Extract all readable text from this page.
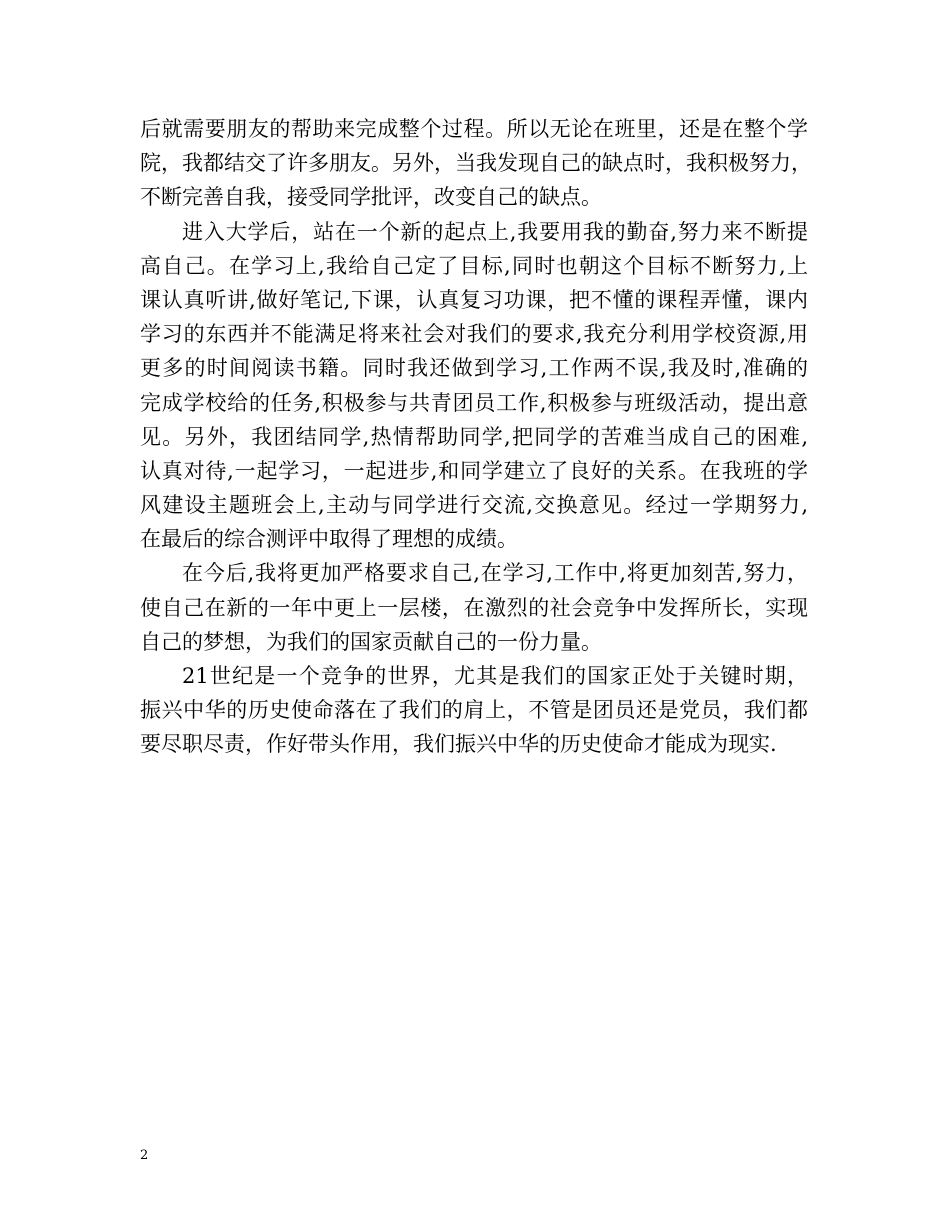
后就需要朋友的帮助来完成整个过程。所以无论在班里，还是在整个学
院，我都结交了许多朋友。另外，当我发现自己的缺点时，我积极努力，
不断完善自我，接受同学批评，改变自己的缺点。
进入大学后，站在一个新的起点上,我要用我的勤奋,努力来不断提
高自己。在学习上,我给自己定了目标,同时也朝这个目标不断努力,上
课认真听讲,做好笔记,下课，认真复习功课，把不懂的课程弄懂，课内
学习的东西并不能满足将来社会对我们的要求,我充分利用学校资源,用
更多的时间阅读书籍。同时我还做到学习,工作两不误,我及时,准确的
完成学校给的任务,积极参与共青团员工作,积极参与班级活动，提出意
见。另外，我团结同学,热情帮助同学,把同学的苦难当成自己的困难,
认真对待,一起学习，一起进步,和同学建立了良好的关系。在我班的学
风建设主题班会上,主动与同学进行交流,交换意见。经过一学期努力,
在最后的综合测评中取得了理想的成绩。
在今后,我将更加严格要求自己,在学习,工作中,将更加刻苦,努力，
使自己在新的一年中更上一层楼，在激烈的社会竞争中发挥所长，实现
自己的梦想，为我们的国家贡献自己的一份力量。
21世纪是一个竞争的世界，尤其是我们的国家正处于关键时期，
振兴中华的历史使命落在了我们的肩上，不管是团员还是党员，我们都
要尽职尽责，作好带头作用，我们振兴中华的历史使命才能成为现实.
2
